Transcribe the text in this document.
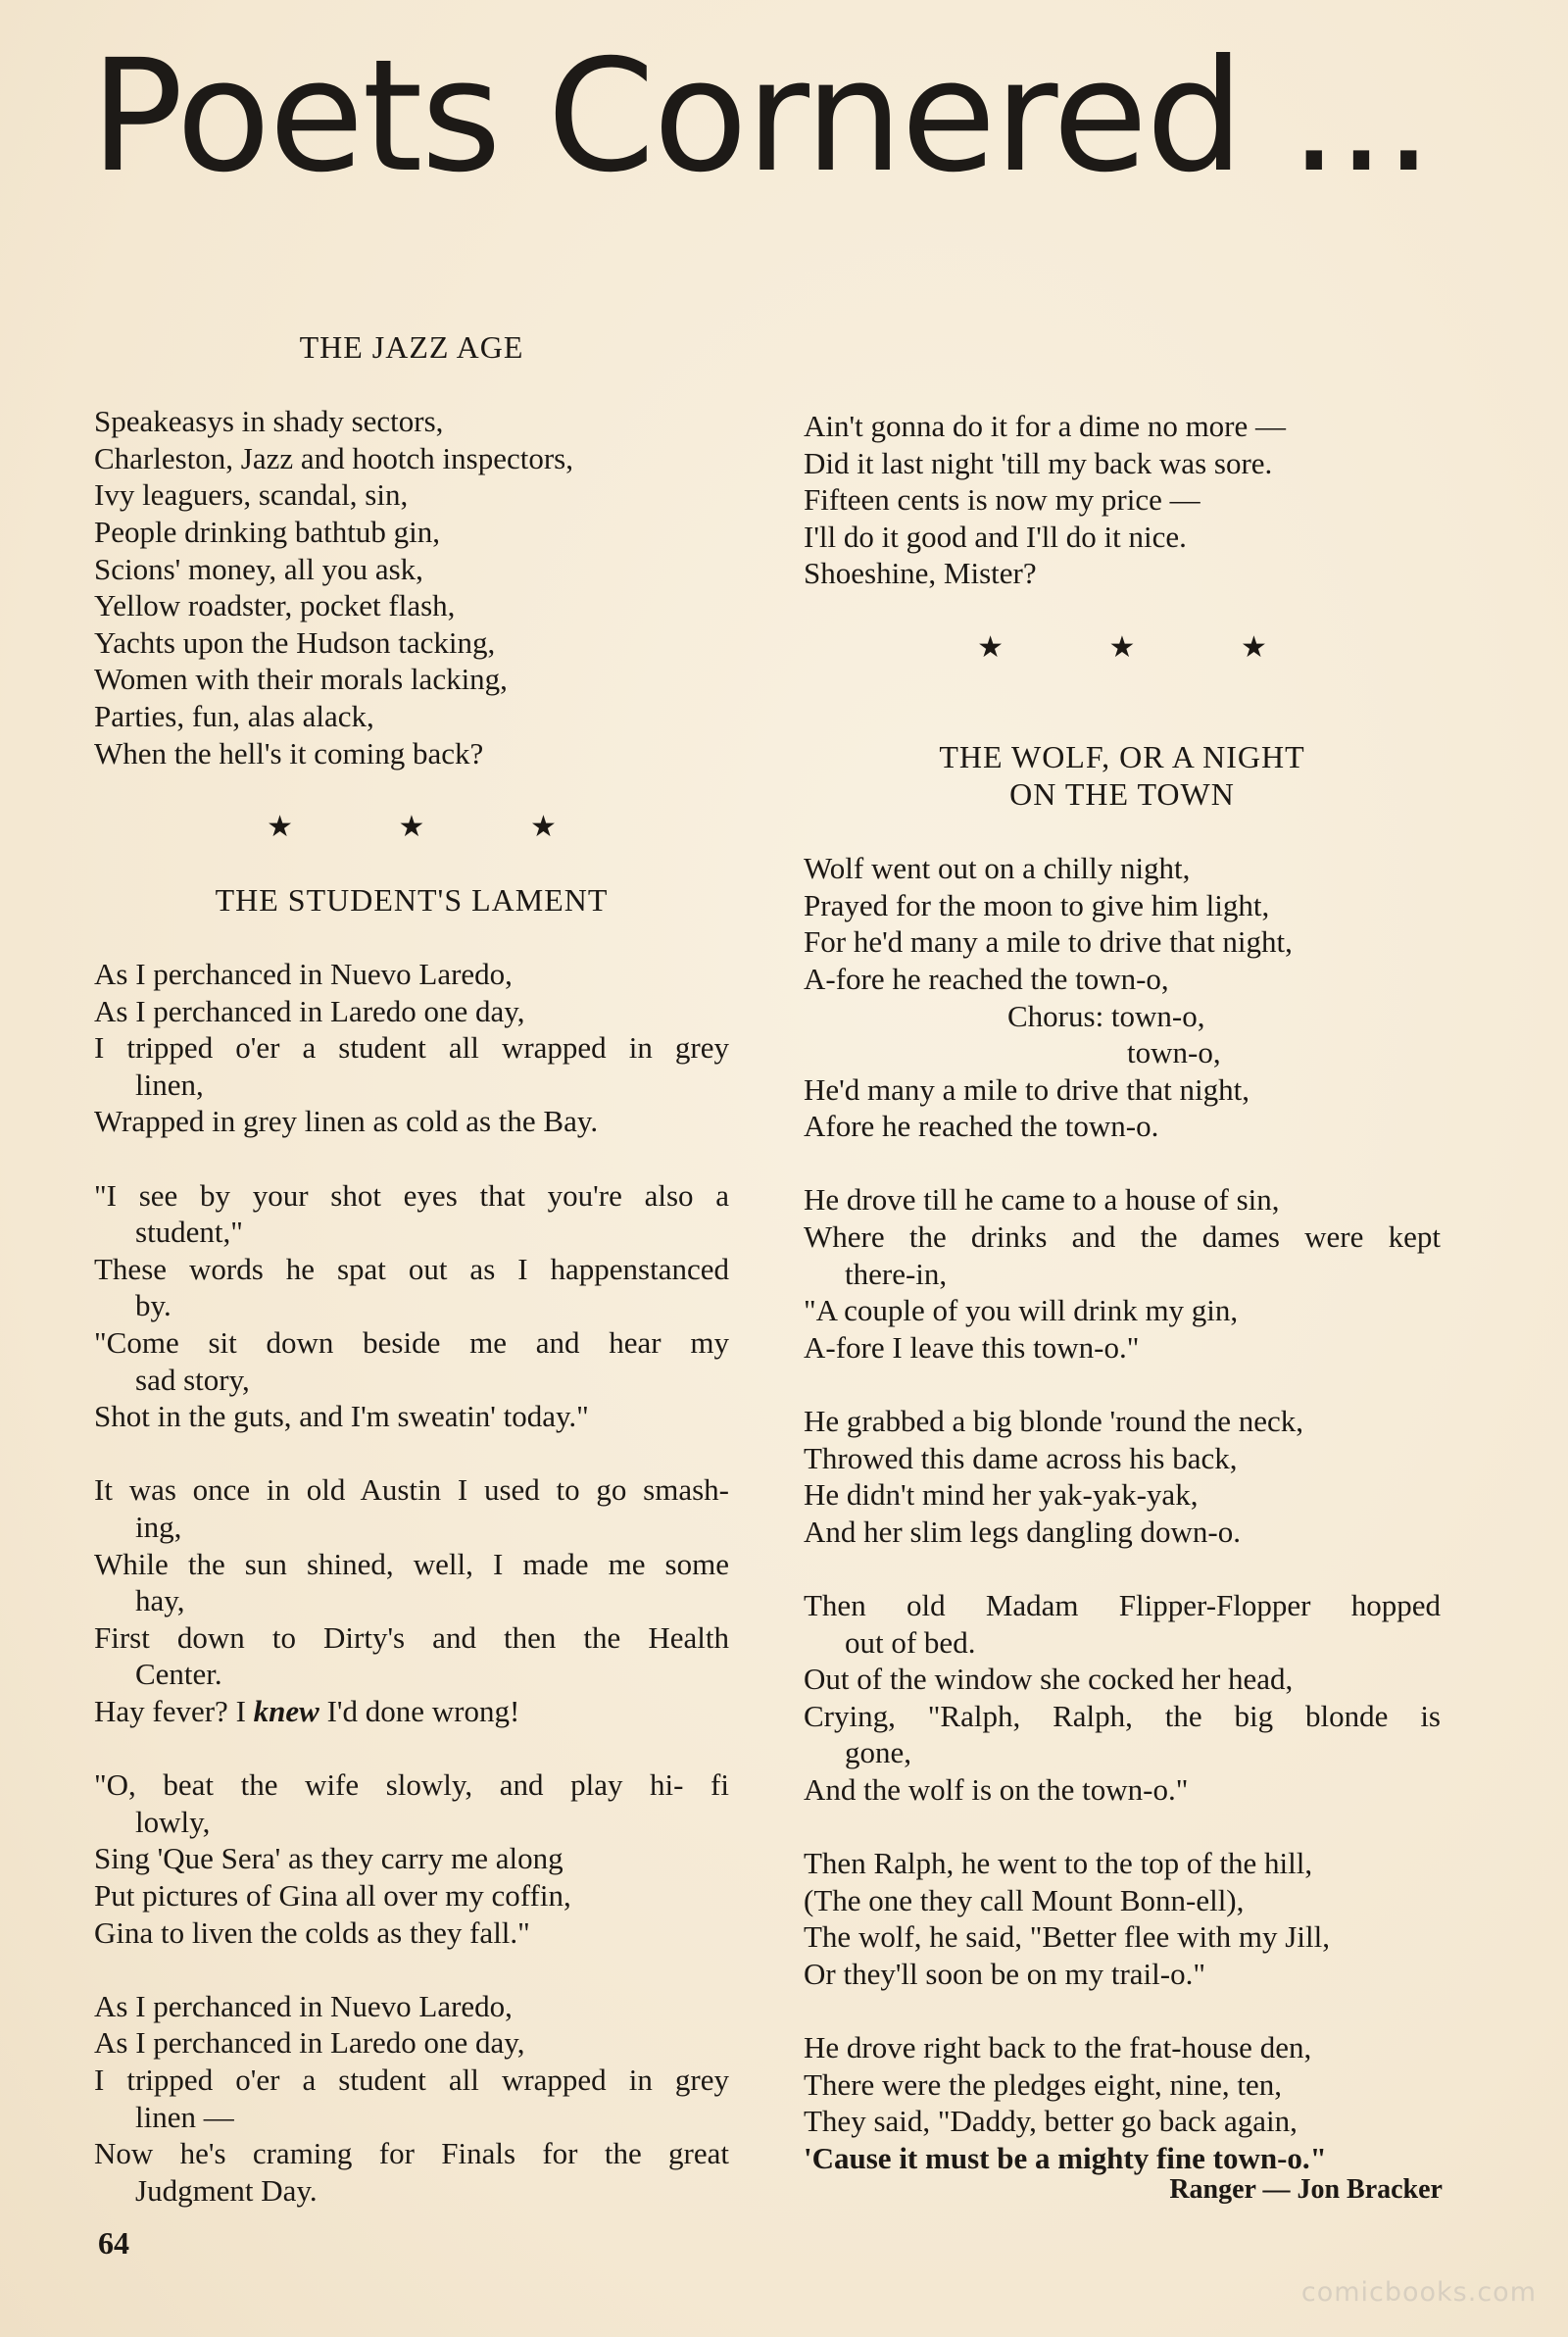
Poets Cornered ...
THE JAZZ AGE
Speakeasys in shady sectors,
Charleston, Jazz and hootch inspectors,
Ivy leaguers, scandal, sin,
People drinking bathtub gin,
Scions' money, all you ask,
Yellow roadster, pocket flash,
Yachts upon the Hudson tacking,
Women with their morals lacking,
Parties, fun, alas alack,
When the hell's it coming back?
★ ★ ★
THE STUDENT'S LAMENT
As I perchanced in Nuevo Laredo,
As I perchanced in Laredo one day,
I tripped o'er a student all wrapped in grey
linen,
Wrapped in grey linen as cold as the Bay.
"I see by your shot eyes that you're also a
student,"
These words he spat out as I happenstanced
by.
"Come sit down beside me and hear my
sad story,
Shot in the guts, and I'm sweatin' today."
It was once in old Austin I used to go smash-
ing,
While the sun shined, well, I made me some
hay,
First down to Dirty's and then the Health
Center.
Hay fever? I knew I'd done wrong!
"O, beat the wife slowly, and play hi- fi
lowly,
Sing 'Que Sera' as they carry me along
Put pictures of Gina all over my coffin,
Gina to liven the colds as they fall."
As I perchanced in Nuevo Laredo,
As I perchanced in Laredo one day,
I tripped o'er a student all wrapped in grey
linen —
Now he's craming for Finals for the great
Judgment Day.
Ain't gonna do it for a dime no more —
Did it last night 'till my back was sore.
Fifteen cents is now my price —
I'll do it good and I'll do it nice.
Shoeshine, Mister?
★ ★ ★
THE WOLF, OR A NIGHT
ON THE TOWN
Wolf went out on a chilly night,
Prayed for the moon to give him light,
For he'd many a mile to drive that night,
A-fore he reached the town-o,
Chorus: town-o,
town-o,
He'd many a mile to drive that night,
Afore he reached the town-o.
He drove till he came to a house of sin,
Where the drinks and the dames were kept
there-in,
"A couple of you will drink my gin,
A-fore I leave this town-o."
He grabbed a big blonde 'round the neck,
Throwed this dame across his back,
He didn't mind her yak-yak-yak,
And her slim legs dangling down-o.
Then old Madam Flipper-Flopper hopped
out of bed.
Out of the window she cocked her head,
Crying, "Ralph, Ralph, the big blonde is
gone,
And the wolf is on the town-o."
Then Ralph, he went to the top of the hill,
(The one they call Mount Bonn-ell),
The wolf, he said, "Better flee with my Jill,
Or they'll soon be on my trail-o."
He drove right back to the frat-house den,
There were the pledges eight, nine, ten,
They said, "Daddy, better go back again,
'Cause it must be a mighty fine town-o."
Ranger — Jon Bracker
64
comicbooks.com
